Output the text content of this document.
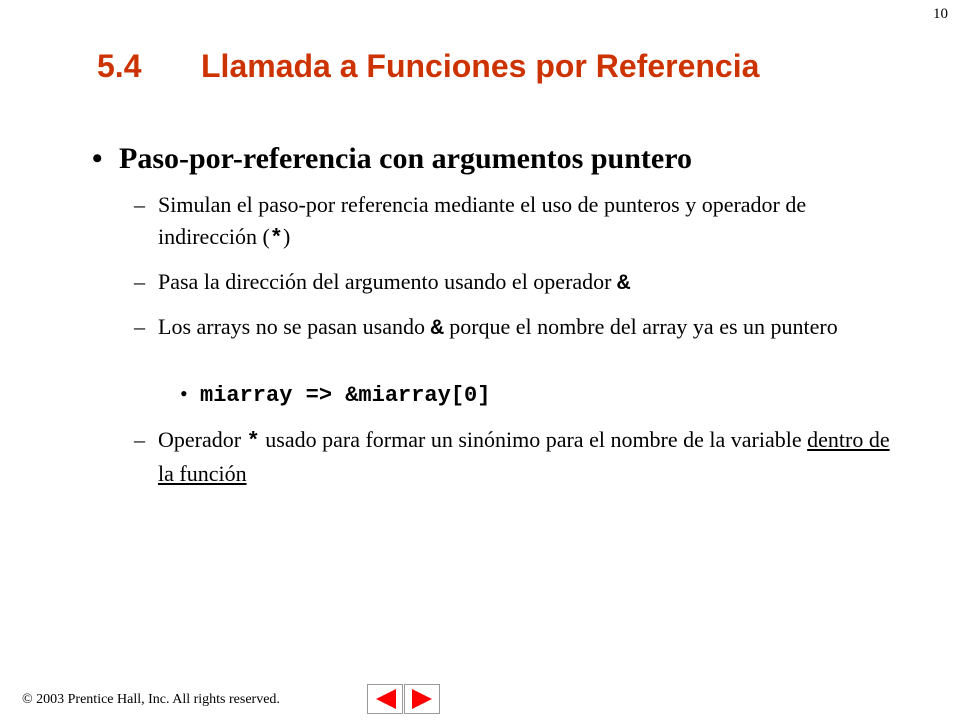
10
5.4 Llamada a Funciones por Referencia
• Paso-por-referencia con argumentos puntero
– Simulan el paso-por referencia mediante el uso de punteros y operador de indirección (*)
– Pasa la dirección del argumento usando el operador &
– Los arrays no se pasan usando & porque el nombre del array ya es un puntero
• miarray => &miarray[0]
– Operador * usado para formar un sinónimo para el nombre de la variable dentro de la función
© 2003 Prentice Hall, Inc. All rights reserved.
